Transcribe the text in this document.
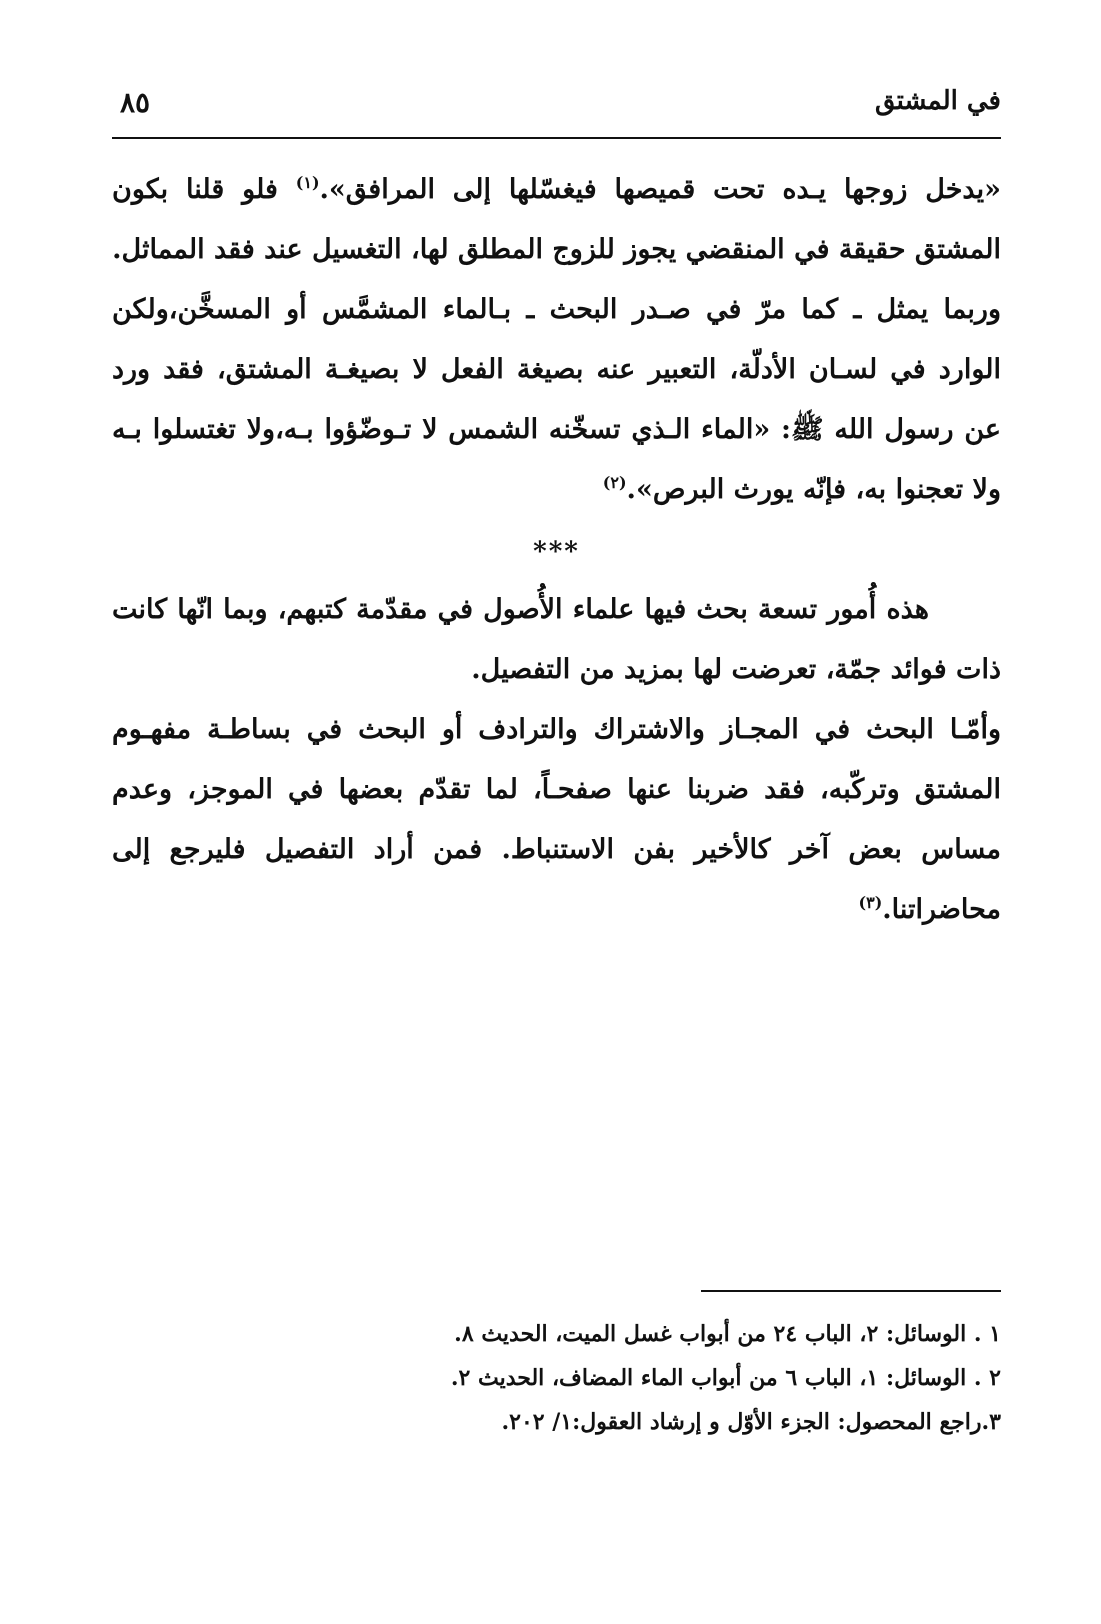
في المشتق
٨٥

«يدخل زوجها يـده تحت قميصها فيغسّلها إلى المرافق».$^{(١)}$ فلو قلنا بكون المشتق حقيقة في المنقضي يجوز للزوج المطلق لها، التغسيل عند فقد المماثل.

وربما يمثل ـ كما مرّ في صـدر البحث ـ بـالماء المشمَّس أو المسخَّن،ولكن الوارد في لسـان الأدلّة، التعبير عنه بصيغة الفعل لا بصيغـة المشتق، فقد ورد عن رسول الله ﷺ: «الماء الـذي تسخّنه الشمس لا تـوضّؤوا بـه،ولا تغتسلوا بـه ولا تعجنوا به، فإنّه يورث البرص».$^{(٢)}$

***

هذه أُمور تسعة بحث فيها علماء الأُصول في مقدّمة كتبهم، وبما انّها كانت ذات فوائد جمّة، تعرضت لها بمزيد من التفصيل.

وأمّـا البحث في المجـاز والاشتراك والترادف أو البحث في بساطـة مفهـوم المشتق وتركّبه، فقد ضربنا عنها صفحـاً، لما تقدّم بعضها في الموجز، وعدم مساس بعض آخر كالأخير بفن الاستنباط. فمن أراد التفصيل فليرجع إلى محاضراتنا.$^{(٣)}$

١ . الوسائل: ٢، الباب ٢٤ من أبواب غسل الميت، الحديث ٨.
٢ . الوسائل: ١، الباب ٦ من أبواب الماء المضاف، الحديث ٢.
٣.راجع المحصول: الجزء الأوّل و إرشاد العقول:١/ ٢٠٢.
